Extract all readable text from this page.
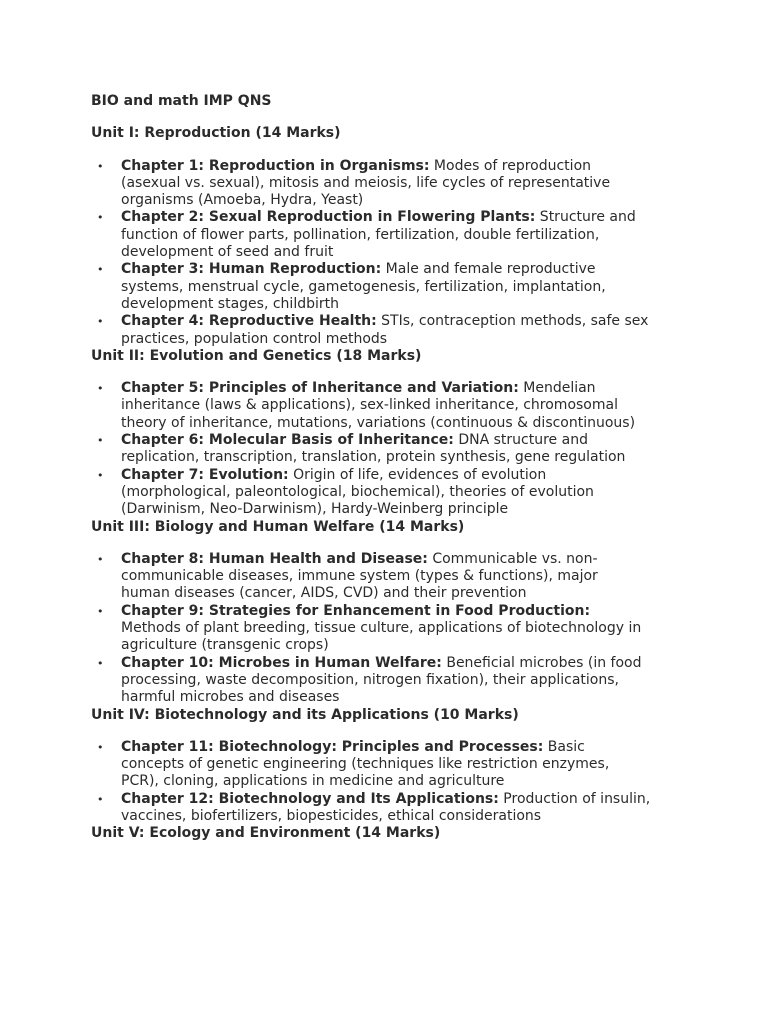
BIO and math IMP QNS
Unit I: Reproduction (14 Marks)
• Chapter 1: Reproduction in Organisms: Modes of reproduction (asexual vs. sexual), mitosis and meiosis, life cycles of representative organisms (Amoeba, Hydra, Yeast)
• Chapter 2: Sexual Reproduction in Flowering Plants: Structure and function of flower parts, pollination, fertilization, double fertilization, development of seed and fruit
• Chapter 3: Human Reproduction: Male and female reproductive systems, menstrual cycle, gametogenesis, fertilization, implantation, development stages, childbirth
• Chapter 4: Reproductive Health: STIs, contraception methods, safe sex practices, population control methods
Unit II: Evolution and Genetics (18 Marks)
• Chapter 5: Principles of Inheritance and Variation: Mendelian inheritance (laws & applications), sex-linked inheritance, chromosomal theory of inheritance, mutations, variations (continuous & discontinuous)
• Chapter 6: Molecular Basis of Inheritance: DNA structure and replication, transcription, translation, protein synthesis, gene regulation
• Chapter 7: Evolution: Origin of life, evidences of evolution (morphological, paleontological, biochemical), theories of evolution (Darwinism, Neo-Darwinism), Hardy-Weinberg principle
Unit III: Biology and Human Welfare (14 Marks)
• Chapter 8: Human Health and Disease: Communicable vs. non-communicable diseases, immune system (types & functions), major human diseases (cancer, AIDS, CVD) and their prevention
• Chapter 9: Strategies for Enhancement in Food Production: Methods of plant breeding, tissue culture, applications of biotechnology in agriculture (transgenic crops)
• Chapter 10: Microbes in Human Welfare: Beneficial microbes (in food processing, waste decomposition, nitrogen fixation), their applications, harmful microbes and diseases
Unit IV: Biotechnology and its Applications (10 Marks)
• Chapter 11: Biotechnology: Principles and Processes: Basic concepts of genetic engineering (techniques like restriction enzymes, PCR), cloning, applications in medicine and agriculture
• Chapter 12: Biotechnology and Its Applications: Production of insulin, vaccines, biofertilizers, biopesticides, ethical considerations
Unit V: Ecology and Environment (14 Marks)
